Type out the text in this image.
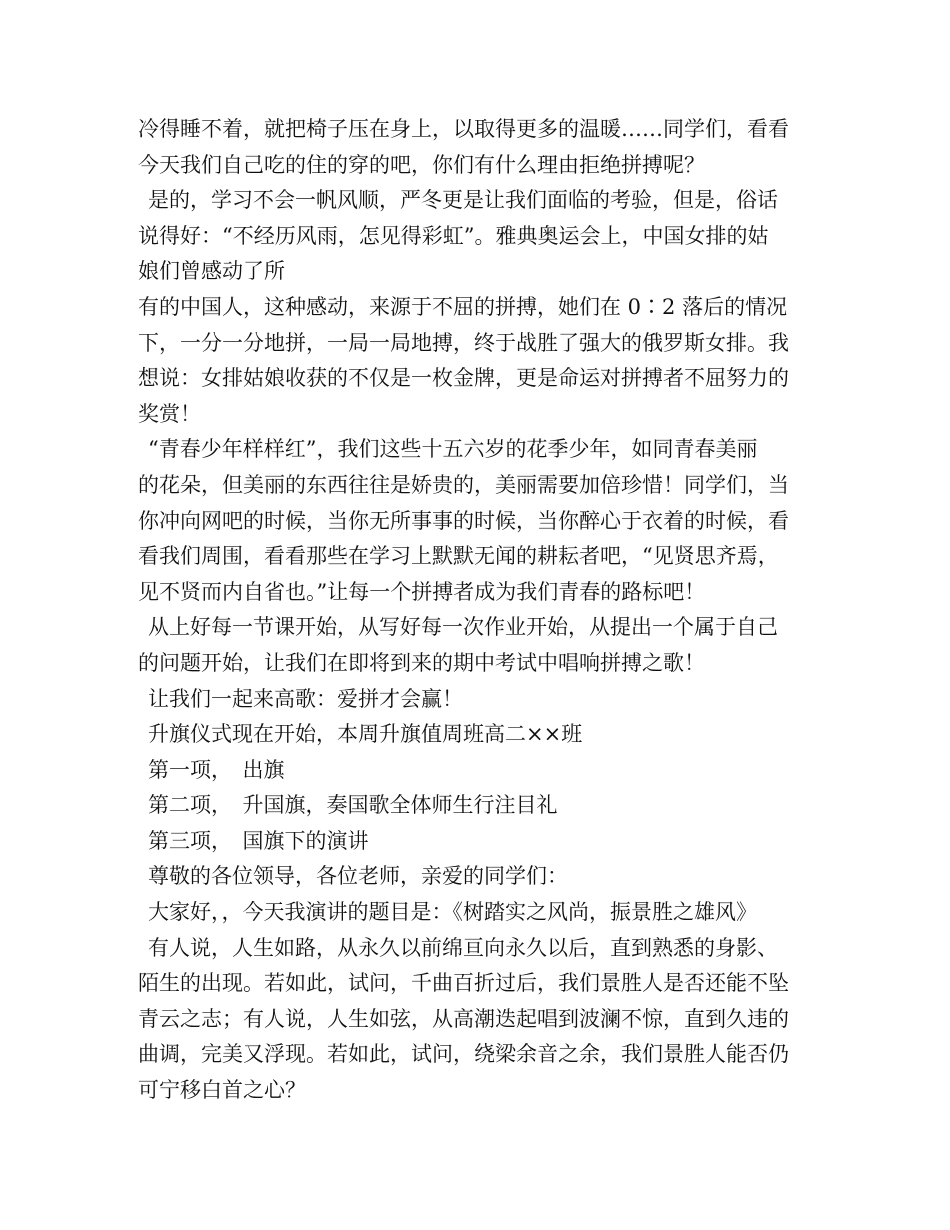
冷得睡不着，就把椅子压在身上，以取得更多的温暖……同学们，看看
今天我们自己吃的住的穿的吧，你们有什么理由拒绝拼搏呢？
是的，学习不会一帆风顺，严冬更是让我们面临的考验，但是，俗话
说得好：“不经历风雨，怎见得彩虹”。雅典奥运会上，中国女排的姑
娘们曾感动了所
有的中国人，这种感动，来源于不屈的拼搏，她们在 0∶2 落后的情况
下，一分一分地拼，一局一局地搏，终于战胜了强大的俄罗斯女排。我
想说：女排姑娘收获的不仅是一枚金牌，更是命运对拼搏者不屈努力的
奖赏！
“青春少年样样红”，我们这些十五六岁的花季少年，如同青春美丽
的花朵，但美丽的东西往往是娇贵的，美丽需要加倍珍惜！同学们，当
你冲向网吧的时候，当你无所事事的时候，当你醉心于衣着的时候，看
看我们周围，看看那些在学习上默默无闻的耕耘者吧，“见贤思齐焉，
见不贤而内自省也。”让每一个拼搏者成为我们青春的路标吧！
从上好每一节课开始，从写好每一次作业开始，从提出一个属于自己
的问题开始，让我们在即将到来的期中考试中唱响拼搏之歌！
让我们一起来高歌：爱拼才会赢！
升旗仪式现在开始，本周升旗值周班高二××班
第一项，　出旗
第二项，　升国旗，奏国歌全体师生行注目礼
第三项，　国旗下的演讲
尊敬的各位领导，各位老师，亲爱的同学们：
大家好，，今天我演讲的题目是：《树踏实之风尚，振景胜之雄风》
有人说，人生如路，从永久以前绵亘向永久以后，直到熟悉的身影、
陌生的出现。若如此，试问，千曲百折过后，我们景胜人是否还能不坠
青云之志；有人说，人生如弦，从高潮迭起唱到波澜不惊，直到久违的
曲调，完美又浮现。若如此，试问，绕梁余音之余，我们景胜人能否仍
可宁移白首之心？
